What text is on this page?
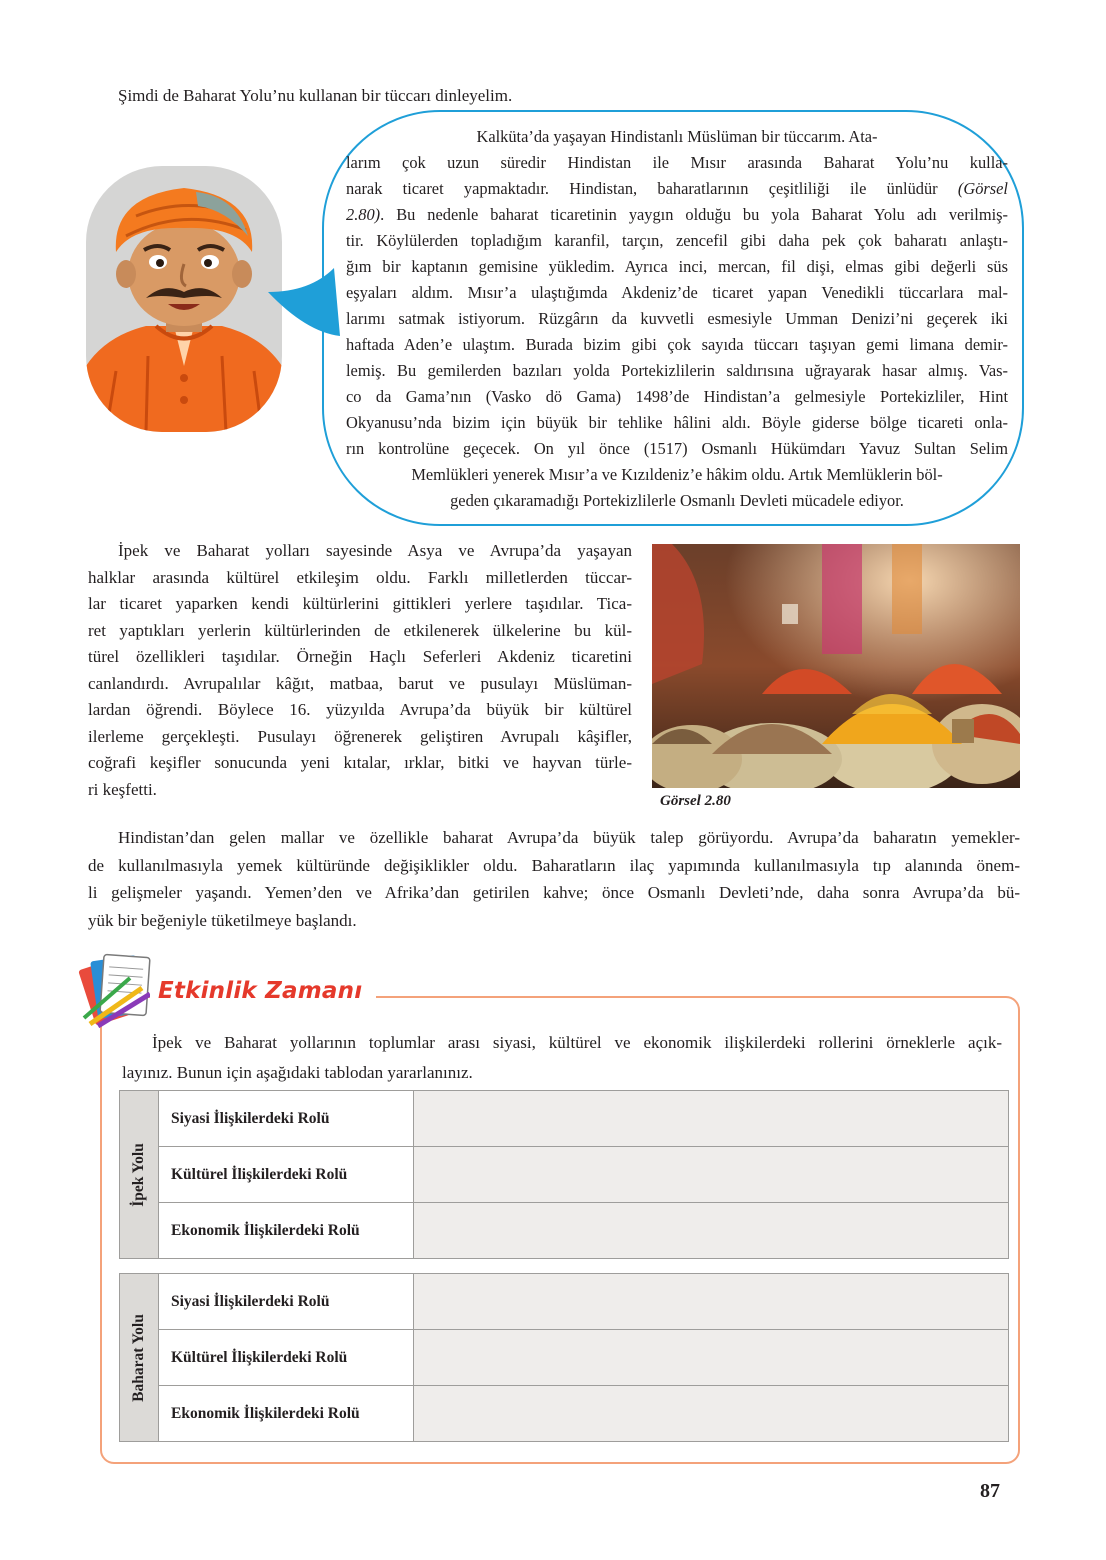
Şimdi de Baharat Yolu’nu kullanan bir tüccarı dinleyelim.

Kalküta’da yaşayan Hindistanlı Müslüman bir tüccarım. Ata-
larım çok uzun süredir Hindistan ile Mısır arasında Baharat Yolu’nu kulla-
narak ticaret yapmaktadır. Hindistan, baharatlarının çeşitliliği ile ünlüdür (Görsel
2.80). Bu nedenle baharat ticaretinin yaygın olduğu bu yola Baharat Yolu adı verilmiş-
tir. Köylülerden topladığım karanfil, tarçın, zencefil gibi daha pek çok baharatı anlaştı-
ğım bir kaptanın gemisine yükledim. Ayrıca inci, mercan, fil dişi, elmas gibi değerli süs
eşyaları aldım. Mısır’a ulaştığımda Akdeniz’de ticaret yapan Venedikli tüccarlara mal-
larımı satmak istiyorum. Rüzgârın da kuvvetli esmesiyle Umman Denizi’ni geçerek iki
haftada Aden’e ulaştım. Burada bizim gibi çok sayıda tüccarı taşıyan gemi limana demir-
lemiş. Bu gemilerden bazıları yolda Portekizlilerin saldırısına uğrayarak hasar almış. Vas-
co da Gama’nın (Vasko dö Gama) 1498’de Hindistan’a gelmesiyle Portekizliler, Hint
Okyanusu’nda bizim için büyük bir tehlike hâlini aldı. Böyle giderse bölge ticareti onla-
rın kontrolüne geçecek. On yıl önce (1517) Osmanlı Hükümdarı Yavuz Sultan Selim
Memlükleri yenerek Mısır’a ve Kızıldeniz’e hâkim oldu. Artık Memlüklerin böl-
geden çıkaramadığı Portekizlilerle Osmanlı Devleti mücadele ediyor.
İpek ve Baharat yolları sayesinde Asya ve Avrupa’da yaşayan
halklar arasında kültürel etkileşim oldu. Farklı milletlerden tüccar-
lar ticaret yaparken kendi kültürlerini gittikleri yerlere taşıdılar. Tica-
ret yaptıkları yerlerin kültürlerinden de etkilenerek ülkelerine bu kül-
türel özellikleri taşıdılar. Örneğin Haçlı Seferleri Akdeniz ticaretini
canlandırdı. Avrupalılar kâğıt, matbaa, barut ve pusulayı Müslüman-
lardan öğrendi. Böylece 16. yüzyılda Avrupa’da büyük bir kültürel
ilerleme gerçekleşti. Pusulayı öğrenerek geliştiren Avrupalı kâşifler,
coğrafi keşifler sonucunda yeni kıtalar, ırklar, bitki ve hayvan türle-
ri keşfetti.

Görsel 2.80

Hindistan’dan gelen mallar ve özellikle baharat Avrupa’da büyük talep görüyordu. Avrupa’da baharatın yemekler-
de kullanılmasıyla yemek kültüründe değişiklikler oldu. Baharatların ilaç yapımında kullanılmasıyla tıp alanında önem-
li gelişmeler yaşandı. Yemen’den ve Afrika’dan getirilen kahve; önce Osmanlı Devleti’nde, daha sonra Avrupa’da bü-
yük bir beğeniyle tüketilmeye başlandı.

Etkinlik Zamanı

İpek ve Baharat yollarının toplumlar arası siyasi, kültürel ve ekonomik ilişkilerdeki rollerini örneklerle açık-
layınız. Bunun için aşağıdaki tablodan yararlanınız.
İpek Yolu	Siyasi İlişkilerdeki Rolü	
	Kültürel İlişkilerdeki Rolü	
	Ekonomik İlişkilerdeki Rolü	
Baharat Yolu	Siyasi İlişkilerdeki Rolü	
	Kültürel İlişkilerdeki Rolü	
	Ekonomik İlişkilerdeki Rolü	

87
